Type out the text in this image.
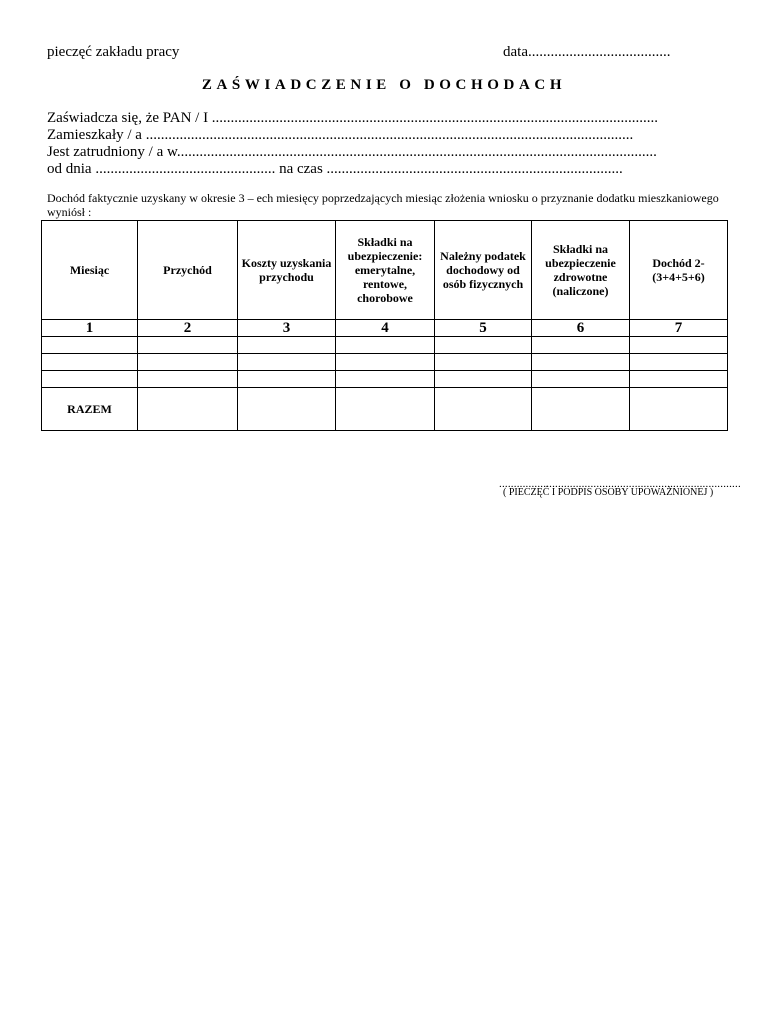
pieczęć zakładu pracy	data......................................
ZAŚWIADCZENIE O DOCHODACH
Zaświadcza się, że PAN / I .......................................................................................................................
Zamieszkały / a ..................................................................................................................................
Jest zatrudniony / a w................................................................................................................................
od dnia ................................................ na czas ...............................................................................
Dochód faktycznie uzyskany w okresie 3 – ech miesięcy poprzedzających miesiąc złożenia wniosku o przyznanie dodatku mieszkaniowego wyniósł :
Miesiąc	Przychód	Koszty uzyskania przychodu	Składki na ubezpieczenie: emerytalne, rentowe, chorobowe	Należny podatek dochodowy od osób fizycznych	Składki na ubezpieczenie zdrowotne (naliczone)	Dochód 2-(3+4+5+6)
1	2	3	4	5	6	7

RAZEM						
..................................................................................
( PIECZĘĆ I PODPIS OSOBY UPOWAŻNIONEJ )
